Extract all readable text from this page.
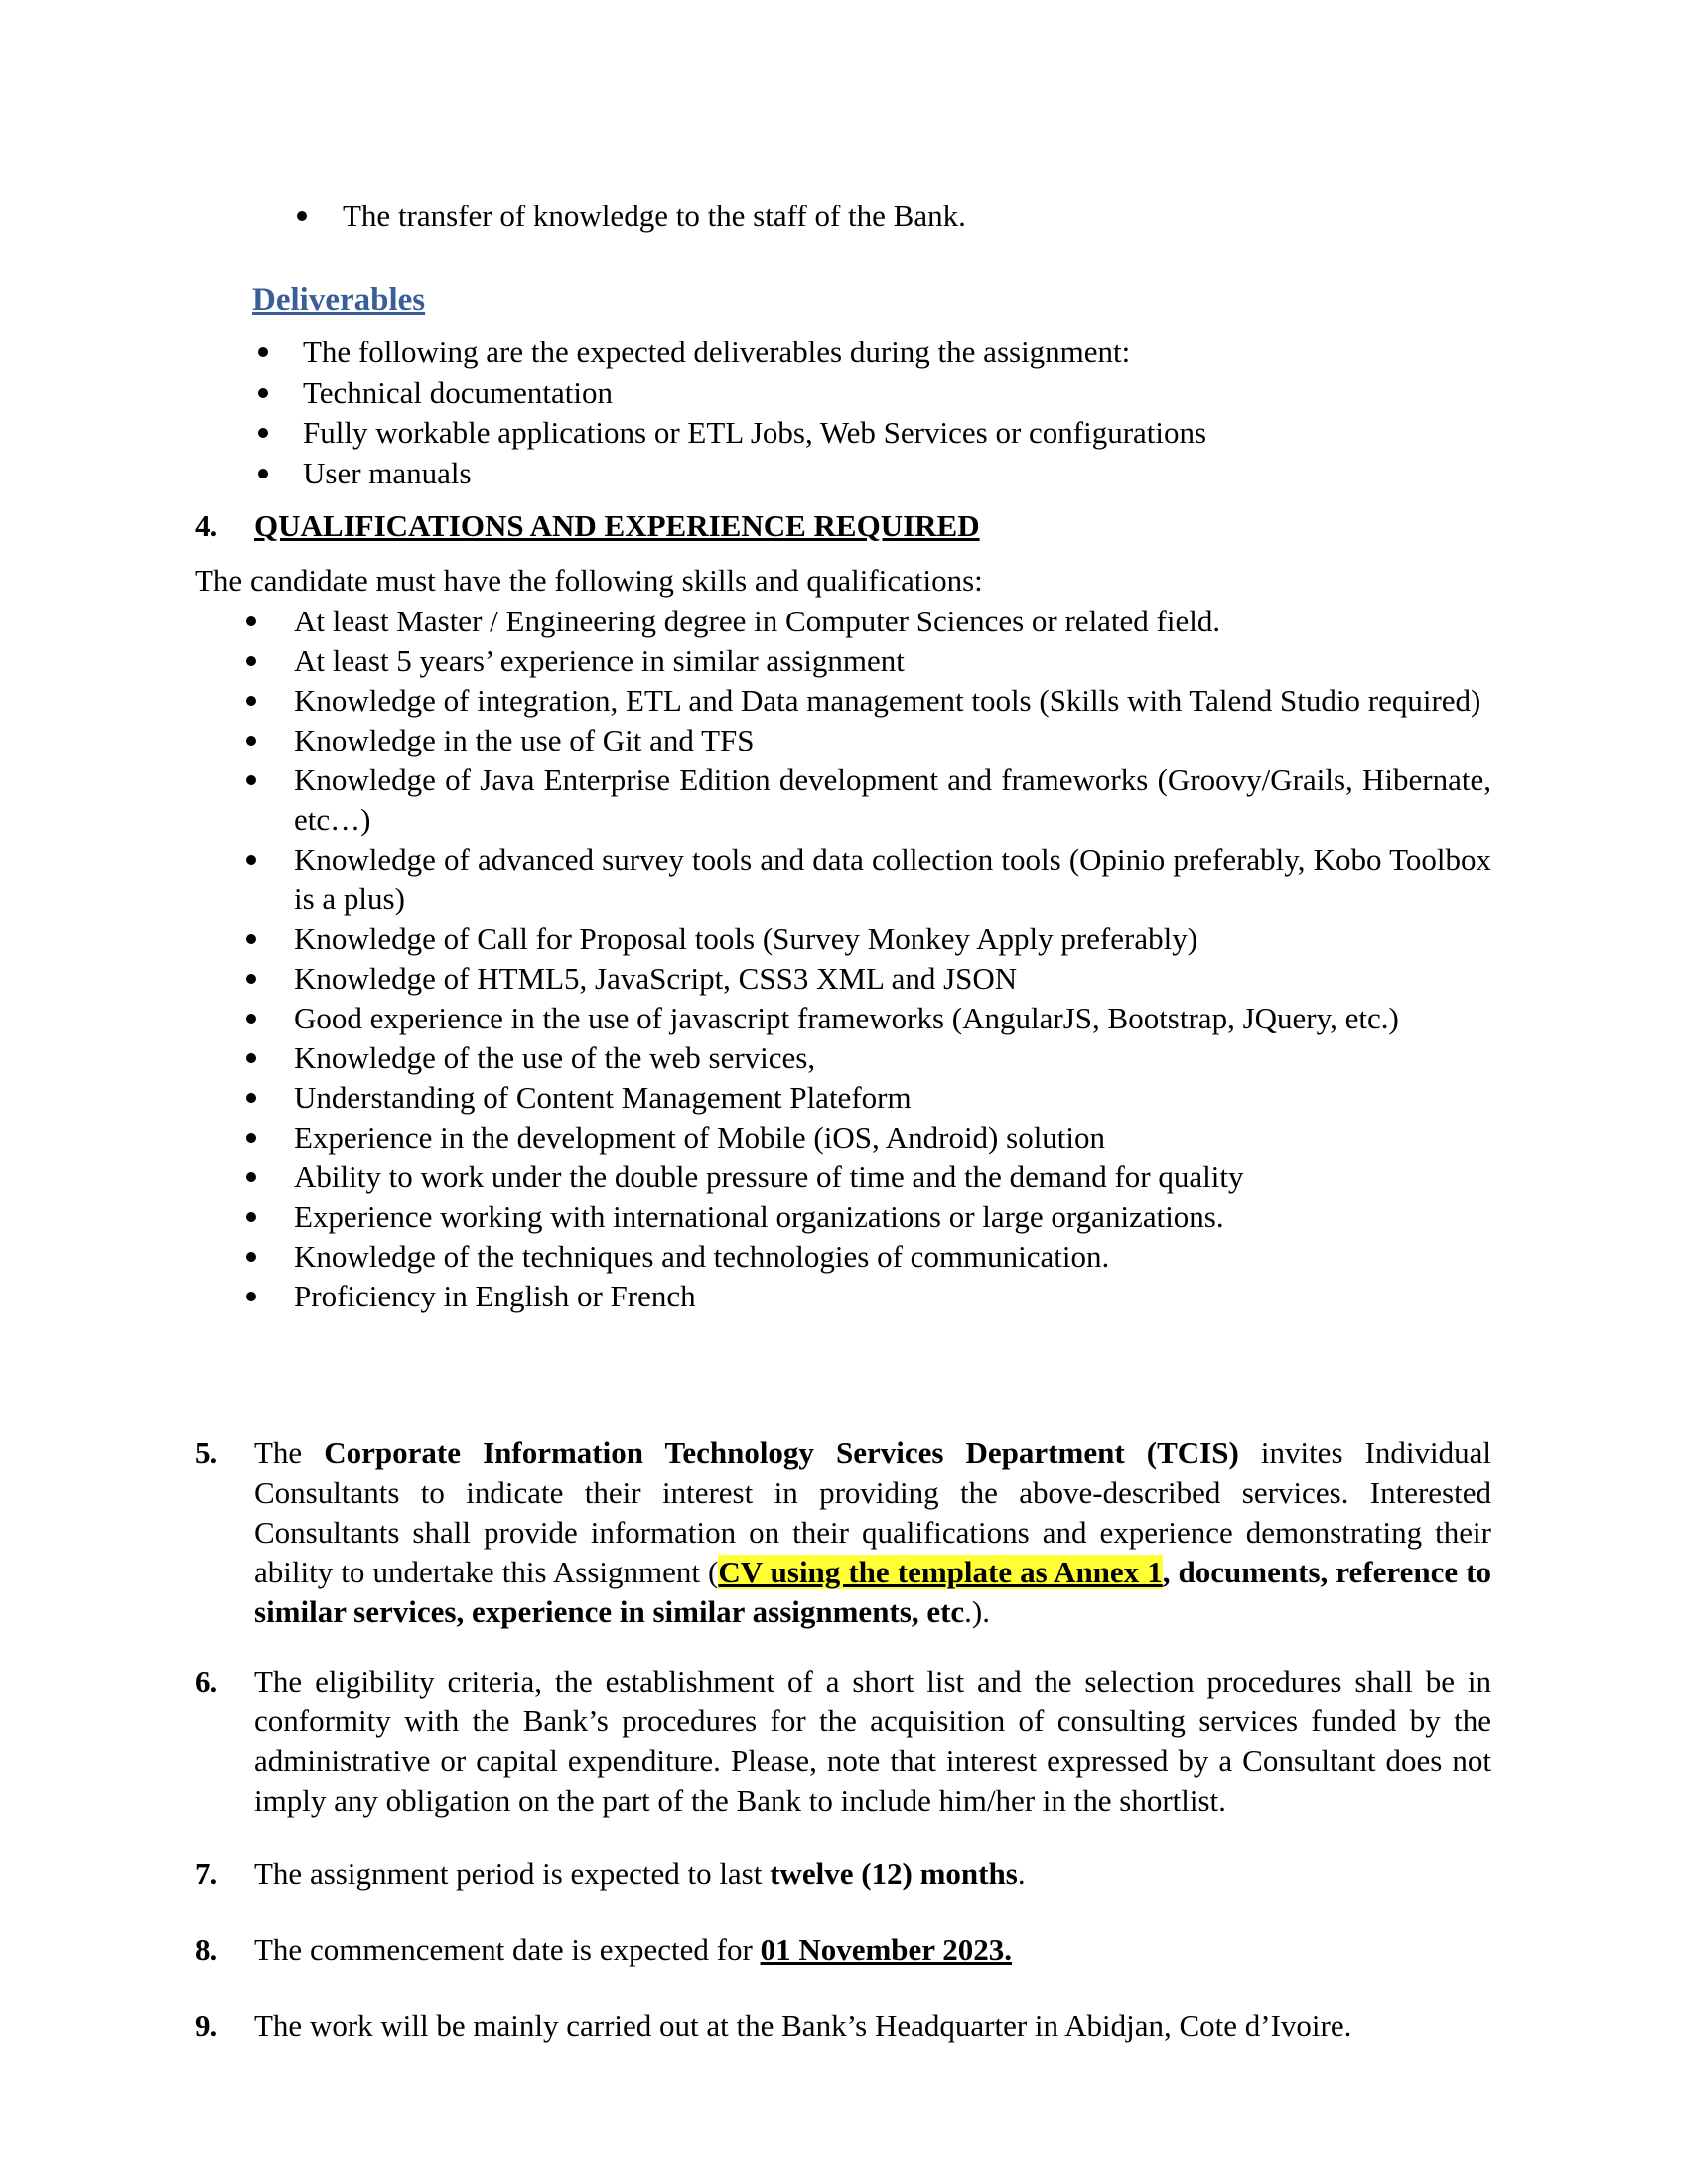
The transfer of knowledge to the staff of the Bank.
Deliverables
The following are the expected deliverables during the assignment:
Technical documentation
Fully workable applications or ETL Jobs, Web Services or configurations
User manuals
4. QUALIFICATIONS AND EXPERIENCE REQUIRED
The candidate must have the following skills and qualifications:
At least Master / Engineering degree in Computer Sciences or related field.
At least 5 years’ experience in similar assignment
Knowledge of integration, ETL and Data management tools (Skills with Talend Studio required)
Knowledge in the use of Git and TFS
Knowledge of Java Enterprise Edition development and frameworks (Groovy/Grails, Hibernate, etc…)
Knowledge of advanced survey tools and data collection tools (Opinio preferably, Kobo Toolbox is a plus)
Knowledge of Call for Proposal tools (Survey Monkey Apply preferably)
Knowledge of HTML5, JavaScript, CSS3 XML and JSON
Good experience in the use of javascript frameworks (AngularJS, Bootstrap, JQuery, etc.)
Knowledge of the use of the web services,
Understanding of Content Management Plateform
Experience in the development of Mobile (iOS, Android) solution
Ability to work under the double pressure of time and the demand for quality
Experience working with international organizations or large organizations.
Knowledge of the techniques and technologies of communication.
Proficiency in English or French
5. The Corporate Information Technology Services Department (TCIS) invites Individual Consultants to indicate their interest in providing the above-described services. Interested Consultants shall provide information on their qualifications and experience demonstrating their ability to undertake this Assignment (CV using the template as Annex 1, documents, reference to similar services, experience in similar assignments, etc.).
6. The eligibility criteria, the establishment of a short list and the selection procedures shall be in conformity with the Bank’s procedures for the acquisition of consulting services funded by the administrative or capital expenditure. Please, note that interest expressed by a Consultant does not imply any obligation on the part of the Bank to include him/her in the shortlist.
7. The assignment period is expected to last twelve (12) months.
8. The commencement date is expected for 01 November 2023.
9. The work will be mainly carried out at the Bank’s Headquarter in Abidjan, Cote d’Ivoire.
